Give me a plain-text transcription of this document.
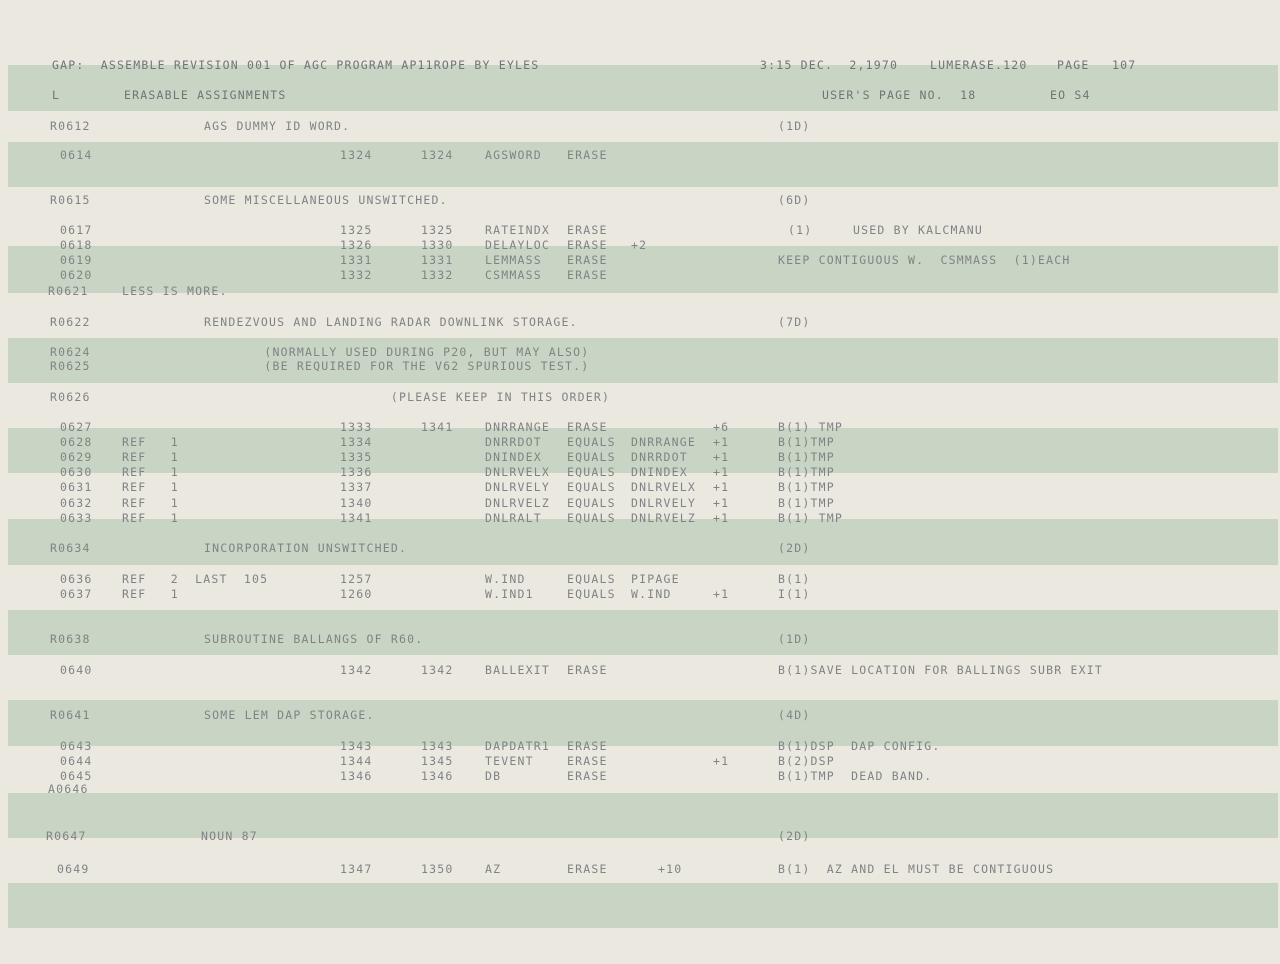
GAP:  ASSEMBLE REVISION 001 OF AGC PROGRAM AP11ROPE BY EYLES	3:15 DEC.  2,1970	LUMERASE.120	PAGE 107
L	ERASABLE ASSIGNMENTS	USER'S PAGE NO.  18	EO S4
R0612	AGS DUMMY ID WORD.	(1D)
0614	1324	1324	AGSWORD ERASE
R0615	SOME MISCELLANEOUS UNSWITCHED.	(6D)
0617	1325	1325	RATEINDX ERASE	(1)     USED BY KALCMANU
0618	1326	1330	DELAYLOC ERASE +2
0619	1331	1331	LEMMASS ERASE	KEEP CONTIGUOUS W.  CSMMASS  (1)EACH
0620	1332	1332	CSMMASS ERASE
R0621	LESS IS MORE.
R0622	RENDEZVOUS AND LANDING RADAR DOWNLINK STORAGE.	(7D)
R0624	(NORMALLY USED DURING P20, BUT MAY ALSO)
R0625	(BE REQUIRED FOR THE V62 SPURIOUS TEST.)
R0626	(PLEASE KEEP IN THIS ORDER)
0627	1333	1341	DNRRANGE ERASE	+6	B(1) TMP
0628	REF   1	1334	DNRRDOT EQUALS DNRRANGE +1	B(1)TMP
0629	REF   1	1335	DNINDEX EQUALS DNRRDOT +1	B(1)TMP
0630	REF   1	1336	DNLRVELX EQUALS DNINDEX +1	B(1)TMP
0631	REF   1	1337	DNLRVELY EQUALS DNLRVELX +1	B(1)TMP
0632	REF   1	1340	DNLRVELZ EQUALS DNLRVELY +1	B(1)TMP
0633	REF   1	1341	DNLRALT EQUALS DNLRVELZ +1	B(1) TMP
R0634	INCORPORATION UNSWITCHED.	(2D)
0636	REF   2  LAST  105	1257	W.IND	EQUALS PIPAGE	B(1)
0637	REF   1	1260	W.IND1	EQUALS W.IND	+1	I(1)
R0638	SUBROUTINE BALLANGS OF R60.	(1D)
0640	1342	1342	BALLEXIT ERASE	B(1)SAVE LOCATION FOR BALLINGS SUBR EXIT
R0641	SOME LEM DAP STORAGE.	(4D)
0643	1343	1343	DAPDATR1 ERASE	B(1)DSP  DAP CONFIG.
0644	1344	1345	TEVENT	ERASE	+1	B(2)DSP
0645	1346	1346	DB	ERASE	B(1)TMP  DEAD BAND.
A0646
R0647	NOUN 87	(2D)
0649	1347	1350	AZ	ERASE	+10	B(1)  AZ AND EL MUST BE CONTIGUOUS
